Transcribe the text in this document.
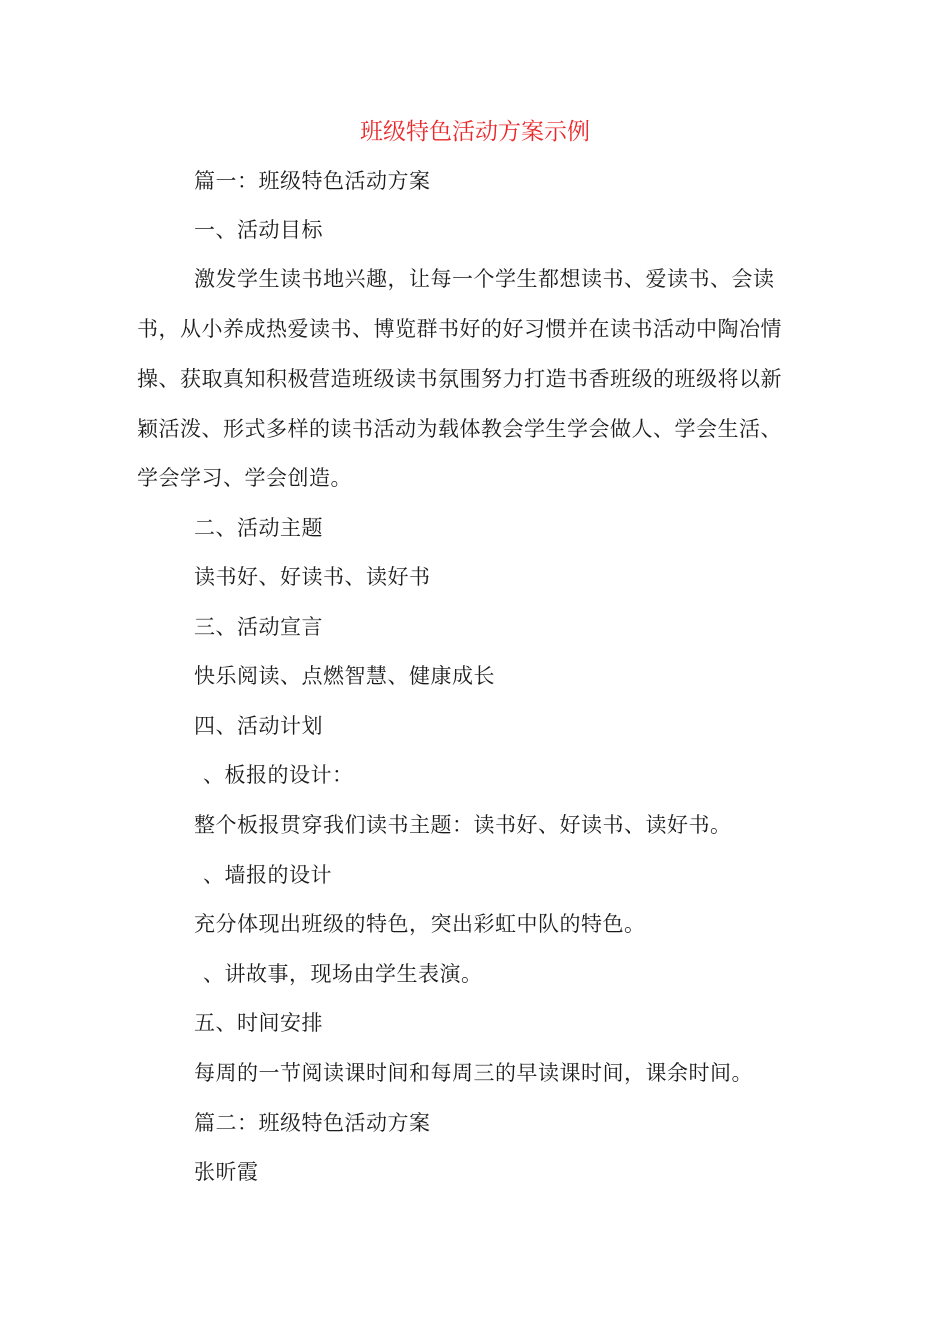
班级特色活动方案示例
篇一：班级特色活动方案
一、活动目标
激发学生读书地兴趣，让每一个学生都想读书、爱读书、会读
书，从小养成热爱读书、博览群书好的好习惯并在读书活动中陶冶情
操、获取真知积极营造班级读书氛围努力打造书香班级的班级将以新
颖活泼、形式多样的读书活动为载体教会学生学会做人、学会生活、
学会学习、学会创造。
二、活动主题
读书好、好读书、读好书
三、活动宣言
快乐阅读、点燃智慧、健康成长
四、活动计划
、板报的设计：
整个板报贯穿我们读书主题：读书好、好读书、读好书。
、墙报的设计
充分体现出班级的特色，突出彩虹中队的特色。
、讲故事，现场由学生表演。
五、时间安排
每周的一节阅读课时间和每周三的早读课时间，课余时间。
篇二：班级特色活动方案
张昕霞
